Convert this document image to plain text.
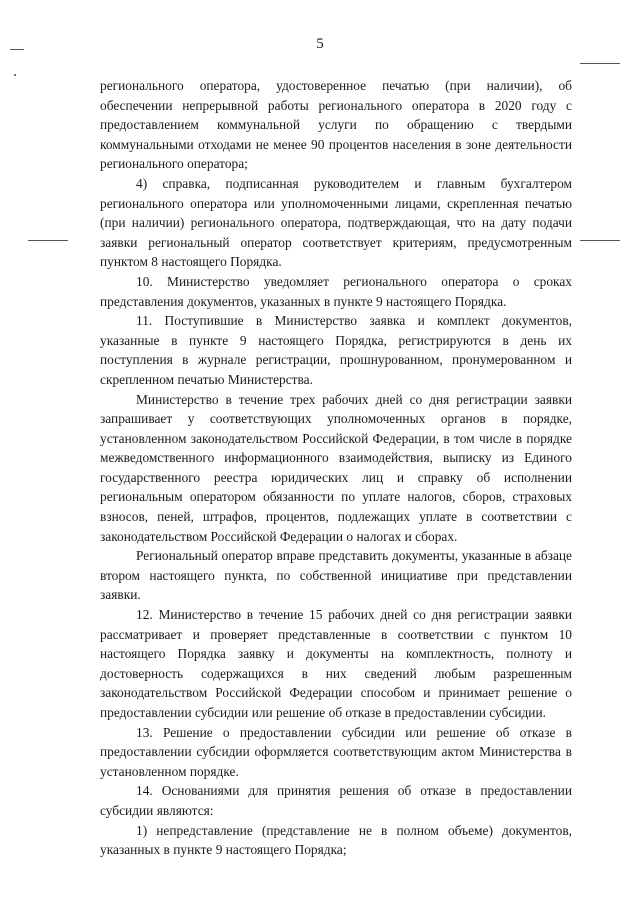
5

регионального оператора, удостоверенное печатью (при наличии), об обеспечении непрерывной работы регионального оператора в 2020 году с предоставлением коммунальной услуги по обращению с твердыми коммунальными отходами не менее 90 процентов населения в зоне деятельности регионального оператора;

4) справка, подписанная руководителем и главным бухгалтером регионального оператора или уполномоченными лицами, скрепленная печатью (при наличии) регионального оператора, подтверждающая, что на дату подачи заявки региональный оператор соответствует критериям, предусмотренным пунктом 8 настоящего Порядка.

10. Министерство уведомляет регионального оператора о сроках представления документов, указанных в пункте 9 настоящего Порядка.

11. Поступившие в Министерство заявка и комплект документов, указанные в пункте 9 настоящего Порядка, регистрируются в день их поступления в журнале регистрации, прошнурованном, пронумерованном и скрепленном печатью Министерства.

Министерство в течение трех рабочих дней со дня регистрации заявки запрашивает у соответствующих уполномоченных органов в порядке, установленном законодательством Российской Федерации, в том числе в порядке межведомственного информационного взаимодействия, выписку из Единого государственного реестра юридических лиц и справку об исполнении региональным оператором обязанности по уплате налогов, сборов, страховых взносов, пеней, штрафов, процентов, подлежащих уплате в соответствии с законодательством Российской Федерации о налогах и сборах.

Региональный оператор вправе представить документы, указанные в абзаце втором настоящего пункта, по собственной инициативе при представлении заявки.

12. Министерство в течение 15 рабочих дней со дня регистрации заявки рассматривает и проверяет представленные в соответствии с пунктом 10 настоящего Порядка заявку и документы на комплектность, полноту и достоверность содержащихся в них сведений любым разрешенным законодательством Российской Федерации способом и принимает решение о предоставлении субсидии или решение об отказе в предоставлении субсидии.

13. Решение о предоставлении субсидии или решение об отказе в предоставлении субсидии оформляется соответствующим актом Министерства в установленном порядке.

14. Основаниями для принятия решения об отказе в предоставлении субсидии являются:

1) непредставление (представление не в полном объеме) документов, указанных в пункте 9 настоящего Порядка;
